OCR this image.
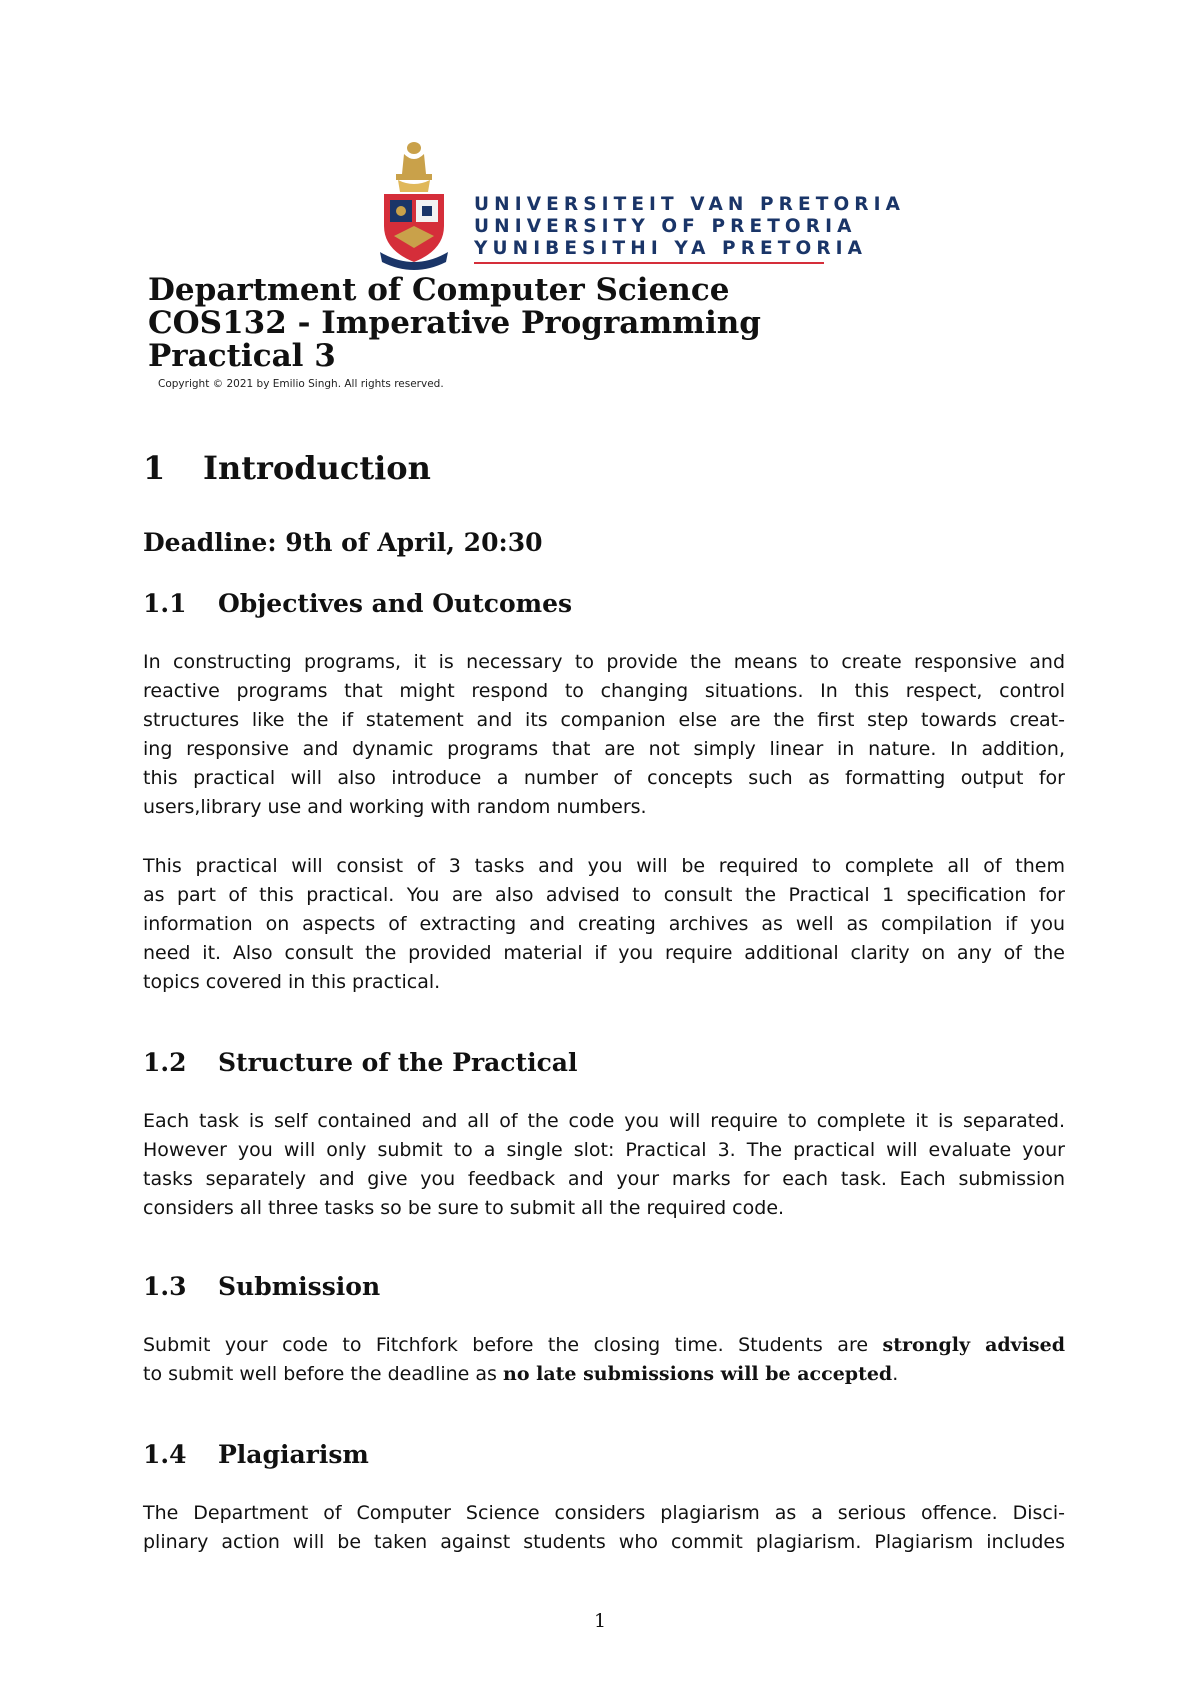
UNIVERSITEIT VAN PRETORIA
UNIVERSITY OF PRETORIA
YUNIBESITHI YA PRETORIA
Department of Computer Science
COS132 - Imperative Programming
Practical 3
Copyright © 2021 by Emilio Singh. All rights reserved.
1 Introduction
Deadline: 9th of April, 20:30
1.1 Objectives and Outcomes
In constructing programs, it is necessary to provide the means to create responsive and
reactive programs that might respond to changing situations. In this respect, control
structures like the if statement and its companion else are the first step towards creat-
ing responsive and dynamic programs that are not simply linear in nature. In addition,
this practical will also introduce a number of concepts such as formatting output for
users,library use and working with random numbers.
This practical will consist of 3 tasks and you will be required to complete all of them
as part of this practical. You are also advised to consult the Practical 1 specification for
information on aspects of extracting and creating archives as well as compilation if you
need it. Also consult the provided material if you require additional clarity on any of the
topics covered in this practical.
1.2 Structure of the Practical
Each task is self contained and all of the code you will require to complete it is separated.
However you will only submit to a single slot: Practical 3. The practical will evaluate your
tasks separately and give you feedback and your marks for each task. Each submission
considers all three tasks so be sure to submit all the required code.
1.3 Submission
Submit your code to Fitchfork before the closing time. Students are strongly advised
to submit well before the deadline as no late submissions will be accepted.
1.4 Plagiarism
The Department of Computer Science considers plagiarism as a serious offence. Disci-
plinary action will be taken against students who commit plagiarism. Plagiarism includes
1
